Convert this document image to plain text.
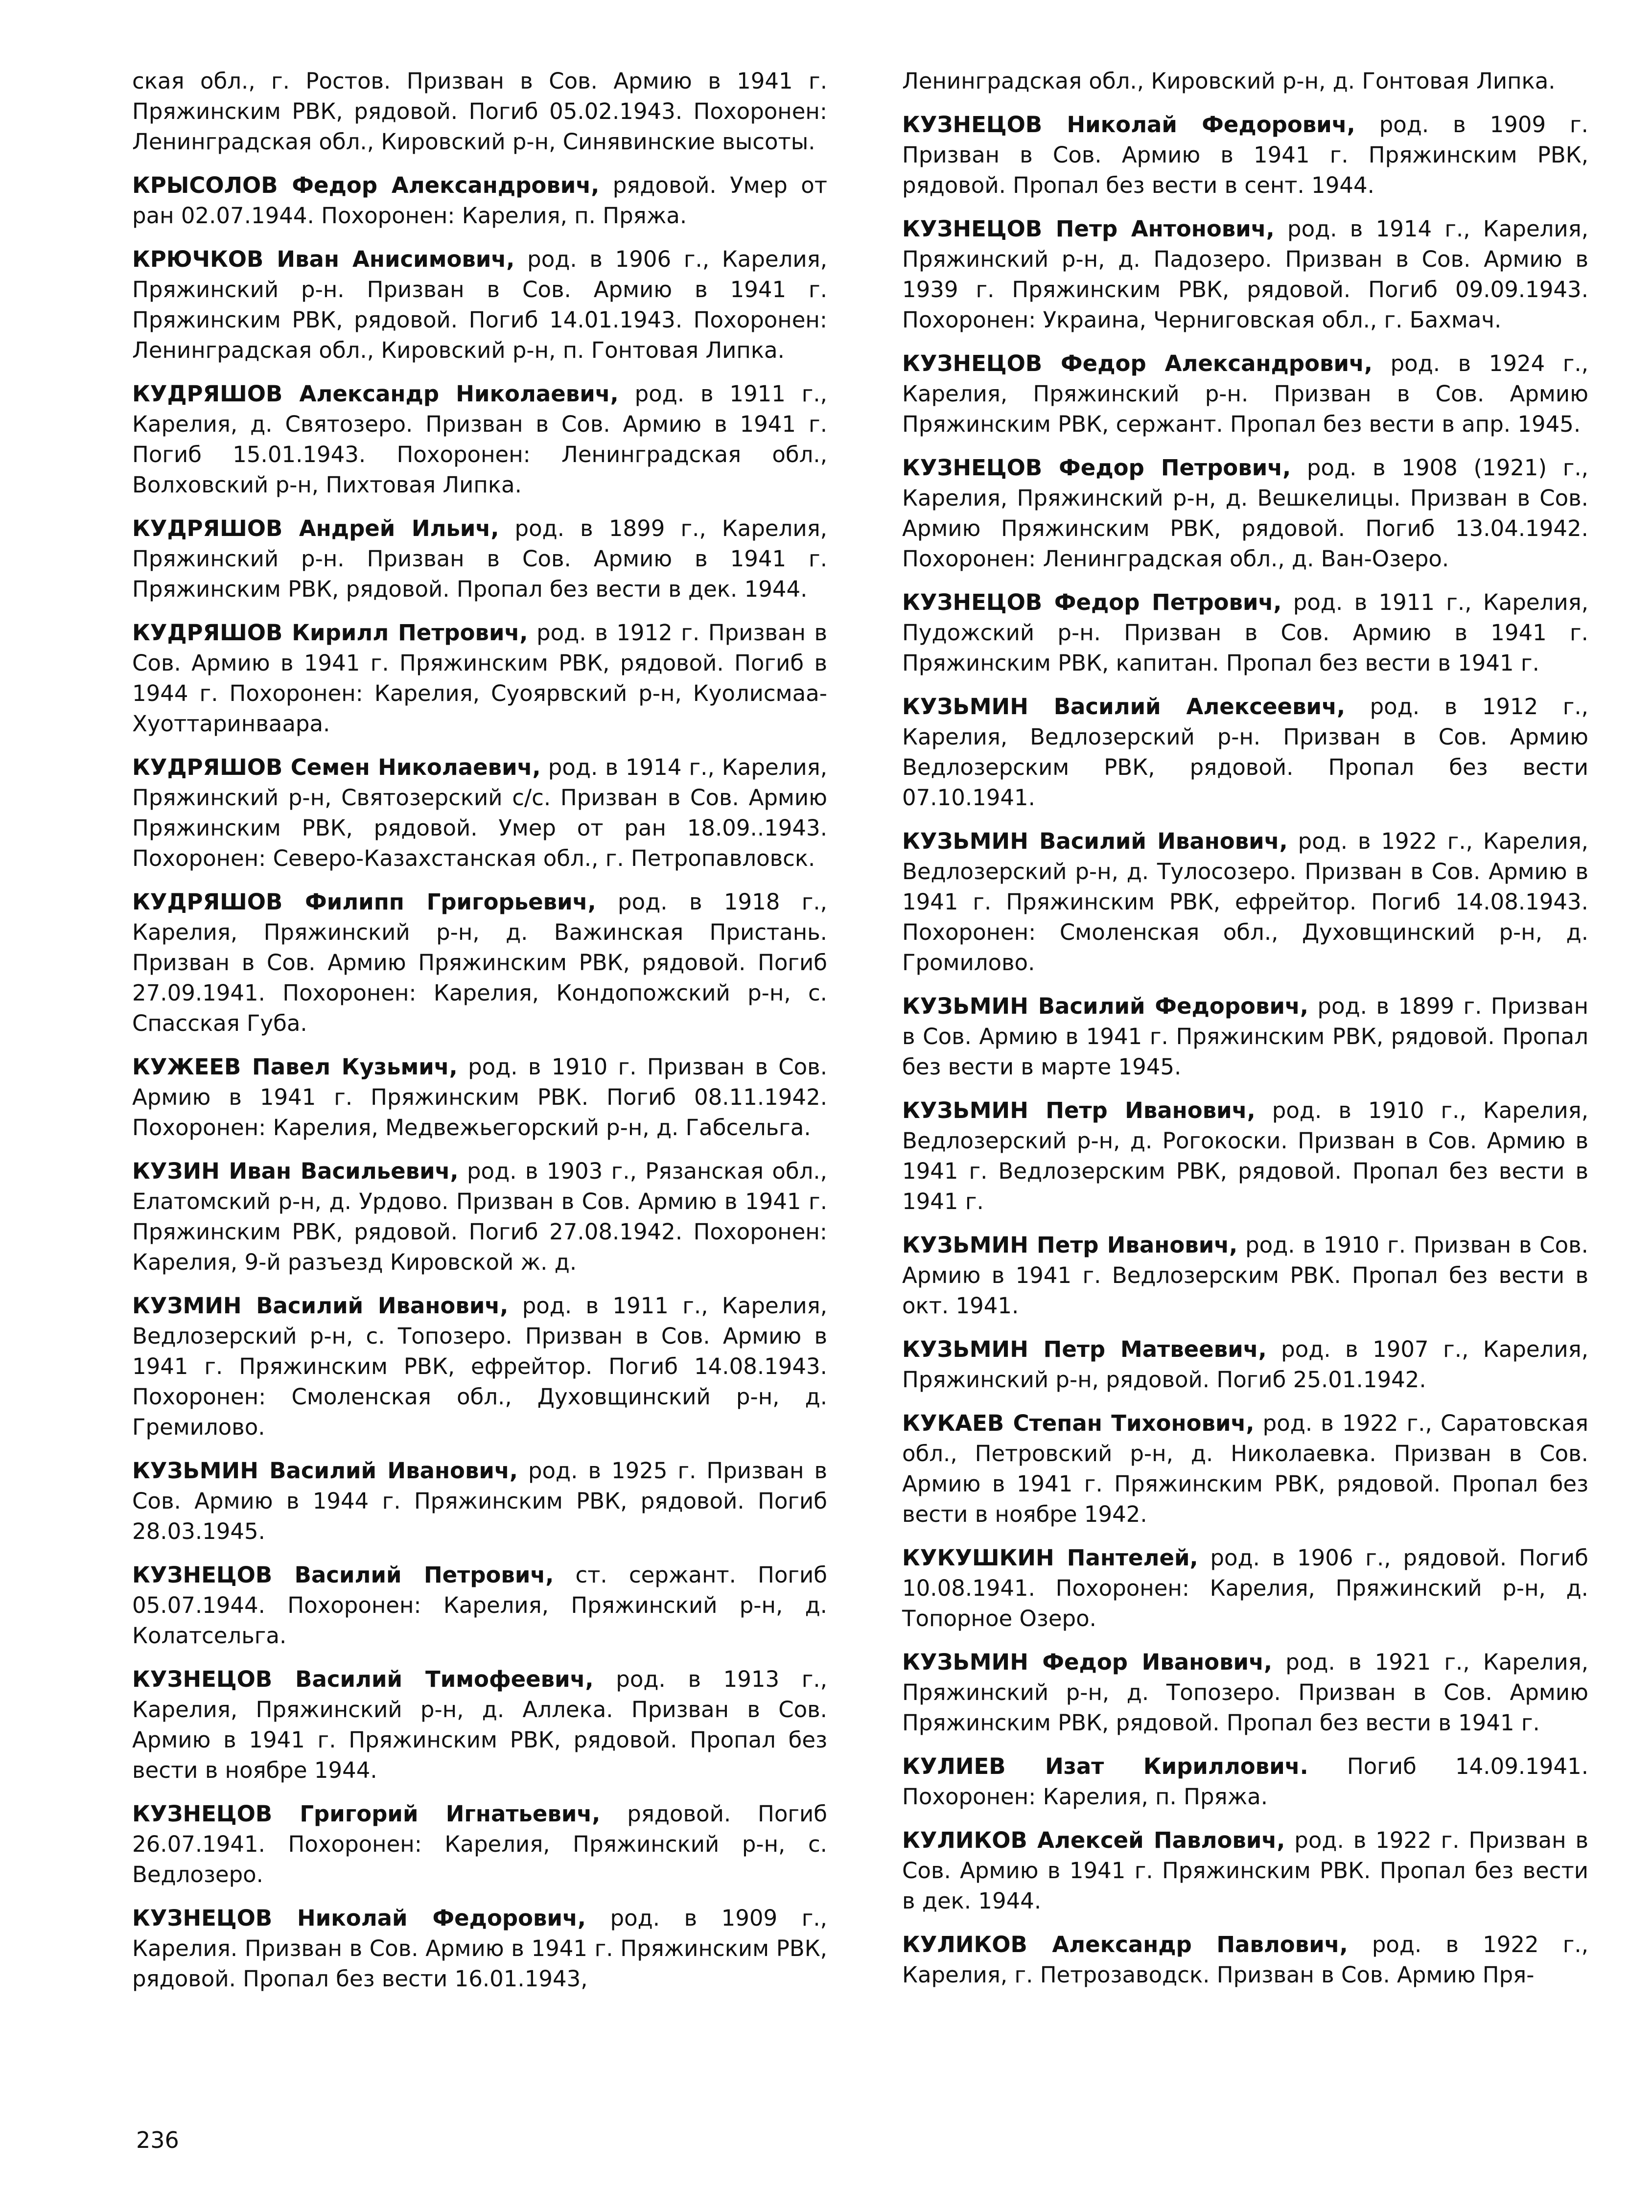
ская обл., г. Ростов. Призван в Сов. Армию в 1941 г. Пряжинским РВК, рядовой. Погиб 05.02.1943. Похоронен: Ленинградская обл., Кировский р-н, Синявинские высоты.

КРЫСОЛОВ Федор Александрович, рядовой. Умер от ран 02.07.1944. Похоронен: Карелия, п. Пряжа.

КРЮЧКОВ Иван Анисимович, род. в 1906 г., Карелия, Пряжинский р-н. Призван в Сов. Армию в 1941 г. Пряжинским РВК, рядовой. Погиб 14.01.1943. Похоронен: Ленинградская обл., Кировский р-н, п. Гонтовая Липка.

КУДРЯШОВ Александр Николаевич, род. в 1911 г., Карелия, д. Святозеро. Призван в Сов. Армию в 1941 г. Погиб 15.01.1943. Похоронен: Ленинградская обл., Волховский р-н, Пихтовая Липка.

КУДРЯШОВ Андрей Ильич, род. в 1899 г., Карелия, Пряжинский р-н. Призван в Сов. Армию в 1941 г. Пряжинским РВК, рядовой. Пропал без вести в дек. 1944.

КУДРЯШОВ Кирилл Петрович, род. в 1912 г. Призван в Сов. Армию в 1941 г. Пряжинским РВК, рядовой. Погиб в 1944 г. Похоронен: Карелия, Суоярвский р-н, Куолисмаа-Хуоттаринваара.

КУДРЯШОВ Семен Николаевич, род. в 1914 г., Карелия, Пряжинский р-н, Святозерский с/с. Призван в Сов. Армию Пряжинским РВК, рядовой. Умер от ран 18.09..1943. Похоронен: Северо-Казахстанская обл., г. Петропавловск.

КУДРЯШОВ Филипп Григорьевич, род. в 1918 г., Карелия, Пряжинский р-н, д. Важинская Пристань. Призван в Сов. Армию Пряжинским РВК, рядовой. Погиб 27.09.1941. Похоронен: Карелия, Кондопожский р-н, с. Спасская Губа.

КУЖЕЕВ Павел Кузьмич, род. в 1910 г. Призван в Сов. Армию в 1941 г. Пряжинским РВК. Погиб 08.11.1942. Похоронен: Карелия, Медвежьегорский р-н, д. Габсельга.

КУЗИН Иван Васильевич, род. в 1903 г., Рязанская обл., Елатомский р-н, д. Урдово. Призван в Сов. Армию в 1941 г. Пряжинским РВК, рядовой. Погиб 27.08.1942. Похоронен: Карелия, 9-й разъезд Кировской ж. д.

КУЗМИН Василий Иванович, род. в 1911 г., Карелия, Ведлозерский р-н, с. Топозеро. Призван в Сов. Армию в 1941 г. Пряжинским РВК, ефрейтор. Погиб 14.08.1943. Похоронен: Смоленская обл., Духовщинский р-н, д. Гремилово.

КУЗЬМИН Василий Иванович, род. в 1925 г. Призван в Сов. Армию в 1944 г. Пряжинским РВК, рядовой. Погиб 28.03.1945.

КУЗНЕЦОВ Василий Петрович, ст. сержант. Погиб 05.07.1944. Похоронен: Карелия, Пряжинский р-н, д. Колатсельга.

КУЗНЕЦОВ Василий Тимофеевич, род. в 1913 г., Карелия, Пряжинский р-н, д. Аллека. Призван в Сов. Армию в 1941 г. Пряжинским РВК, рядовой. Пропал без вести в ноябре 1944.

КУЗНЕЦОВ Григорий Игнатьевич, рядовой. Погиб 26.07.1941. Похоронен: Карелия, Пряжинский р-н, с. Ведлозеро.

КУЗНЕЦОВ Николай Федорович, род. в 1909 г., Карелия. Призван в Сов. Армию в 1941 г. Пряжинским РВК, рядовой. Пропал без вести 16.01.1943,

Ленинградская обл., Кировский р-н, д. Гонтовая Липка.

КУЗНЕЦОВ Николай Федорович, род. в 1909 г. Призван в Сов. Армию в 1941 г. Пряжинским РВК, рядовой. Пропал без вести в сент. 1944.

КУЗНЕЦОВ Петр Антонович, род. в 1914 г., Карелия, Пряжинский р-н, д. Падозеро. Призван в Сов. Армию в 1939 г. Пряжинским РВК, рядовой. Погиб 09.09.1943. Похоронен: Украина, Черниговская обл., г. Бахмач.

КУЗНЕЦОВ Федор Александрович, род. в 1924 г., Карелия, Пряжинский р-н. Призван в Сов. Армию Пряжинским РВК, сержант. Пропал без вести в апр. 1945.

КУЗНЕЦОВ Федор Петрович, род. в 1908 (1921) г., Карелия, Пряжинский р-н, д. Вешкелицы. Призван в Сов. Армию Пряжинским РВК, рядовой. Погиб 13.04.1942. Похоронен: Ленинградская обл., д. Ван-Озеро.

КУЗНЕЦОВ Федор Петрович, род. в 1911 г., Карелия, Пудожский р-н. Призван в Сов. Армию в 1941 г. Пряжинским РВК, капитан. Пропал без вести в 1941 г.

КУЗЬМИН Василий Алексеевич, род. в 1912 г., Карелия, Ведлозерский р-н. Призван в Сов. Армию Ведлозерским РВК, рядовой. Пропал без вести 07.10.1941.

КУЗЬМИН Василий Иванович, род. в 1922 г., Карелия, Ведлозерский р-н, д. Тулосозеро. Призван в Сов. Армию в 1941 г. Пряжинским РВК, ефрейтор. Погиб 14.08.1943. Похоронен: Смоленская обл., Духовщинский р-н, д. Громилово.

КУЗЬМИН Василий Федорович, род. в 1899 г. Призван в Сов. Армию в 1941 г. Пряжинским РВК, рядовой. Пропал без вести в марте 1945.

КУЗЬМИН Петр Иванович, род. в 1910 г., Карелия, Ведлозерский р-н, д. Рогокоски. Призван в Сов. Армию в 1941 г. Ведлозерским РВК, рядовой. Пропал без вести в 1941 г.

КУЗЬМИН Петр Иванович, род. в 1910 г. Призван в Сов. Армию в 1941 г. Ведлозерским РВК. Пропал без вести в окт. 1941.

КУЗЬМИН Петр Матвеевич, род. в 1907 г., Карелия, Пряжинский р-н, рядовой. Погиб 25.01.1942.

КУКАЕВ Степан Тихонович, род. в 1922 г., Саратовская обл., Петровский р-н, д. Николаевка. Призван в Сов. Армию в 1941 г. Пряжинским РВК, рядовой. Пропал без вести в ноябре 1942.

КУКУШКИН Пантелей, род. в 1906 г., рядовой. Погиб 10.08.1941. Похоронен: Карелия, Пряжинский р-н, д. Топорное Озеро.

КУЗЬМИН Федор Иванович, род. в 1921 г., Карелия, Пряжинский р-н, д. Топозеро. Призван в Сов. Армию Пряжинским РВК, рядовой. Пропал без вести в 1941 г.

КУЛИЕВ Изат Кириллович. Погиб 14.09.1941. Похоронен: Карелия, п. Пряжа.

КУЛИКОВ Алексей Павлович, род. в 1922 г. Призван в Сов. Армию в 1941 г. Пряжинским РВК. Пропал без вести в дек. 1944.

КУЛИКОВ Александр Павлович, род. в 1922 г., Карелия, г. Петрозаводск. Призван в Сов. Армию Пря-

236
